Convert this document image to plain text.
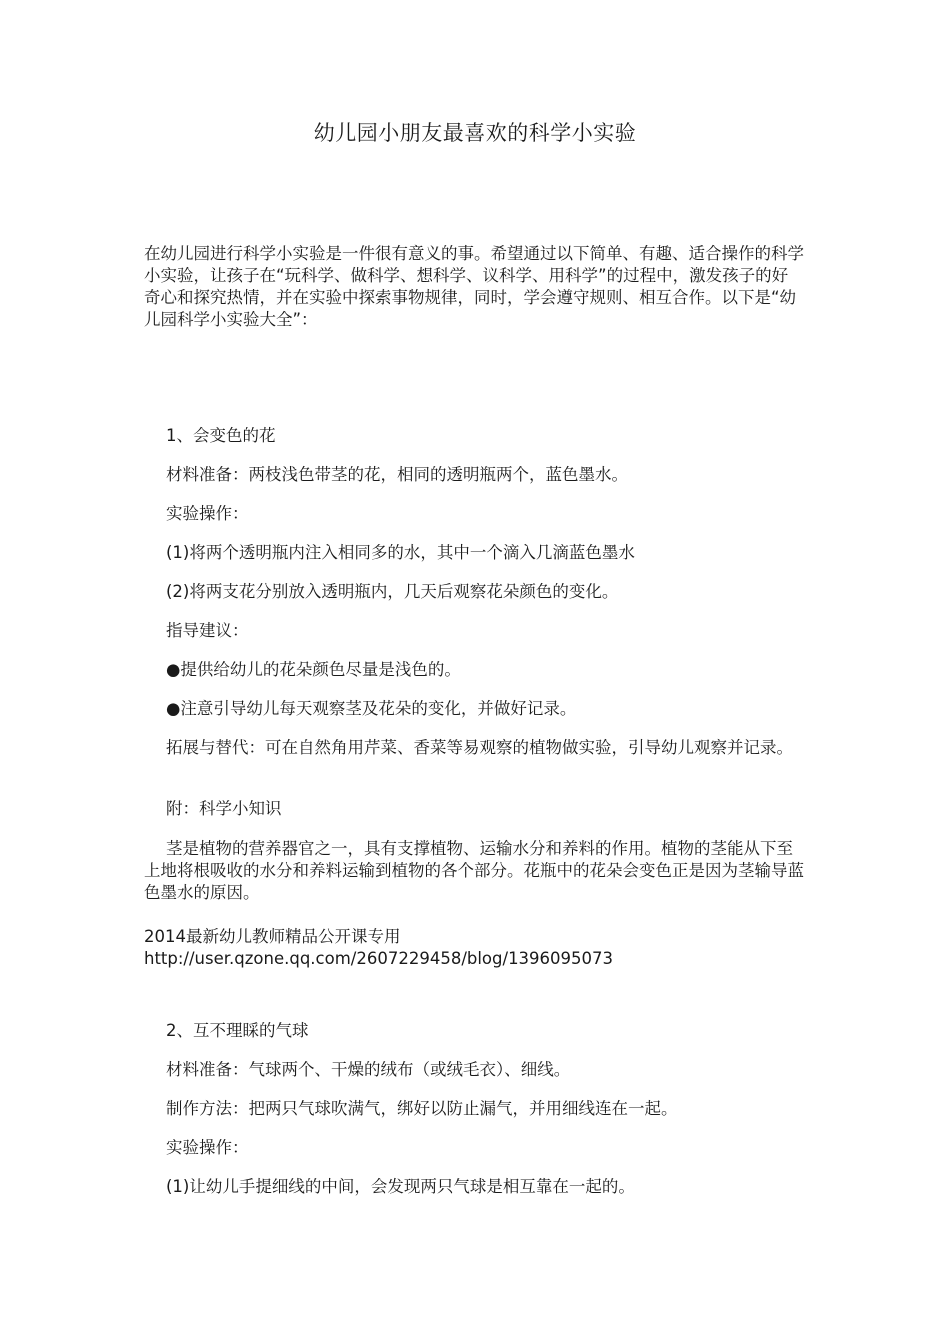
幼儿园小朋友最喜欢的科学小实验
在幼儿园进行科学小实验是一件很有意义的事。希望通过以下简单、有趣、适合操作的科学小实验，让孩子在“玩科学、做科学、想科学、议科学、用科学”的过程中，激发孩子的好奇心和探究热情，并在实验中探索事物规律，同时，学会遵守规则、相互合作。以下是“幼儿园科学小实验大全”：
1、会变色的花
材料准备：两枝浅色带茎的花，相同的透明瓶两个，蓝色墨水。
实验操作：
(1)将两个透明瓶内注入相同多的水，其中一个滴入几滴蓝色墨水
(2)将两支花分别放入透明瓶内，几天后观察花朵颜色的变化。
指导建议：
●提供给幼儿的花朵颜色尽量是浅色的。
●注意引导幼儿每天观察茎及花朵的变化，并做好记录。
拓展与替代：可在自然角用芹菜、香菜等易观察的植物做实验，引导幼儿观察并记录。
附：科学小知识
茎是植物的营养器官之一，具有支撑植物、运输水分和养料的作用。植物的茎能从下至上地将根吸收的水分和养料运输到植物的各个部分。花瓶中的花朵会变色正是因为茎输导蓝色墨水的原因。
2014最新幼儿教师精品公开课专用
http://user.qzone.qq.com/2607229458/blog/1396095073
2、互不理睬的气球
材料准备：气球两个、干燥的绒布（或绒毛衣）、细线。
制作方法：把两只气球吹满气，绑好以防止漏气，并用细线连在一起。
实验操作：
(1)让幼儿手提细线的中间，会发现两只气球是相互靠在一起的。
